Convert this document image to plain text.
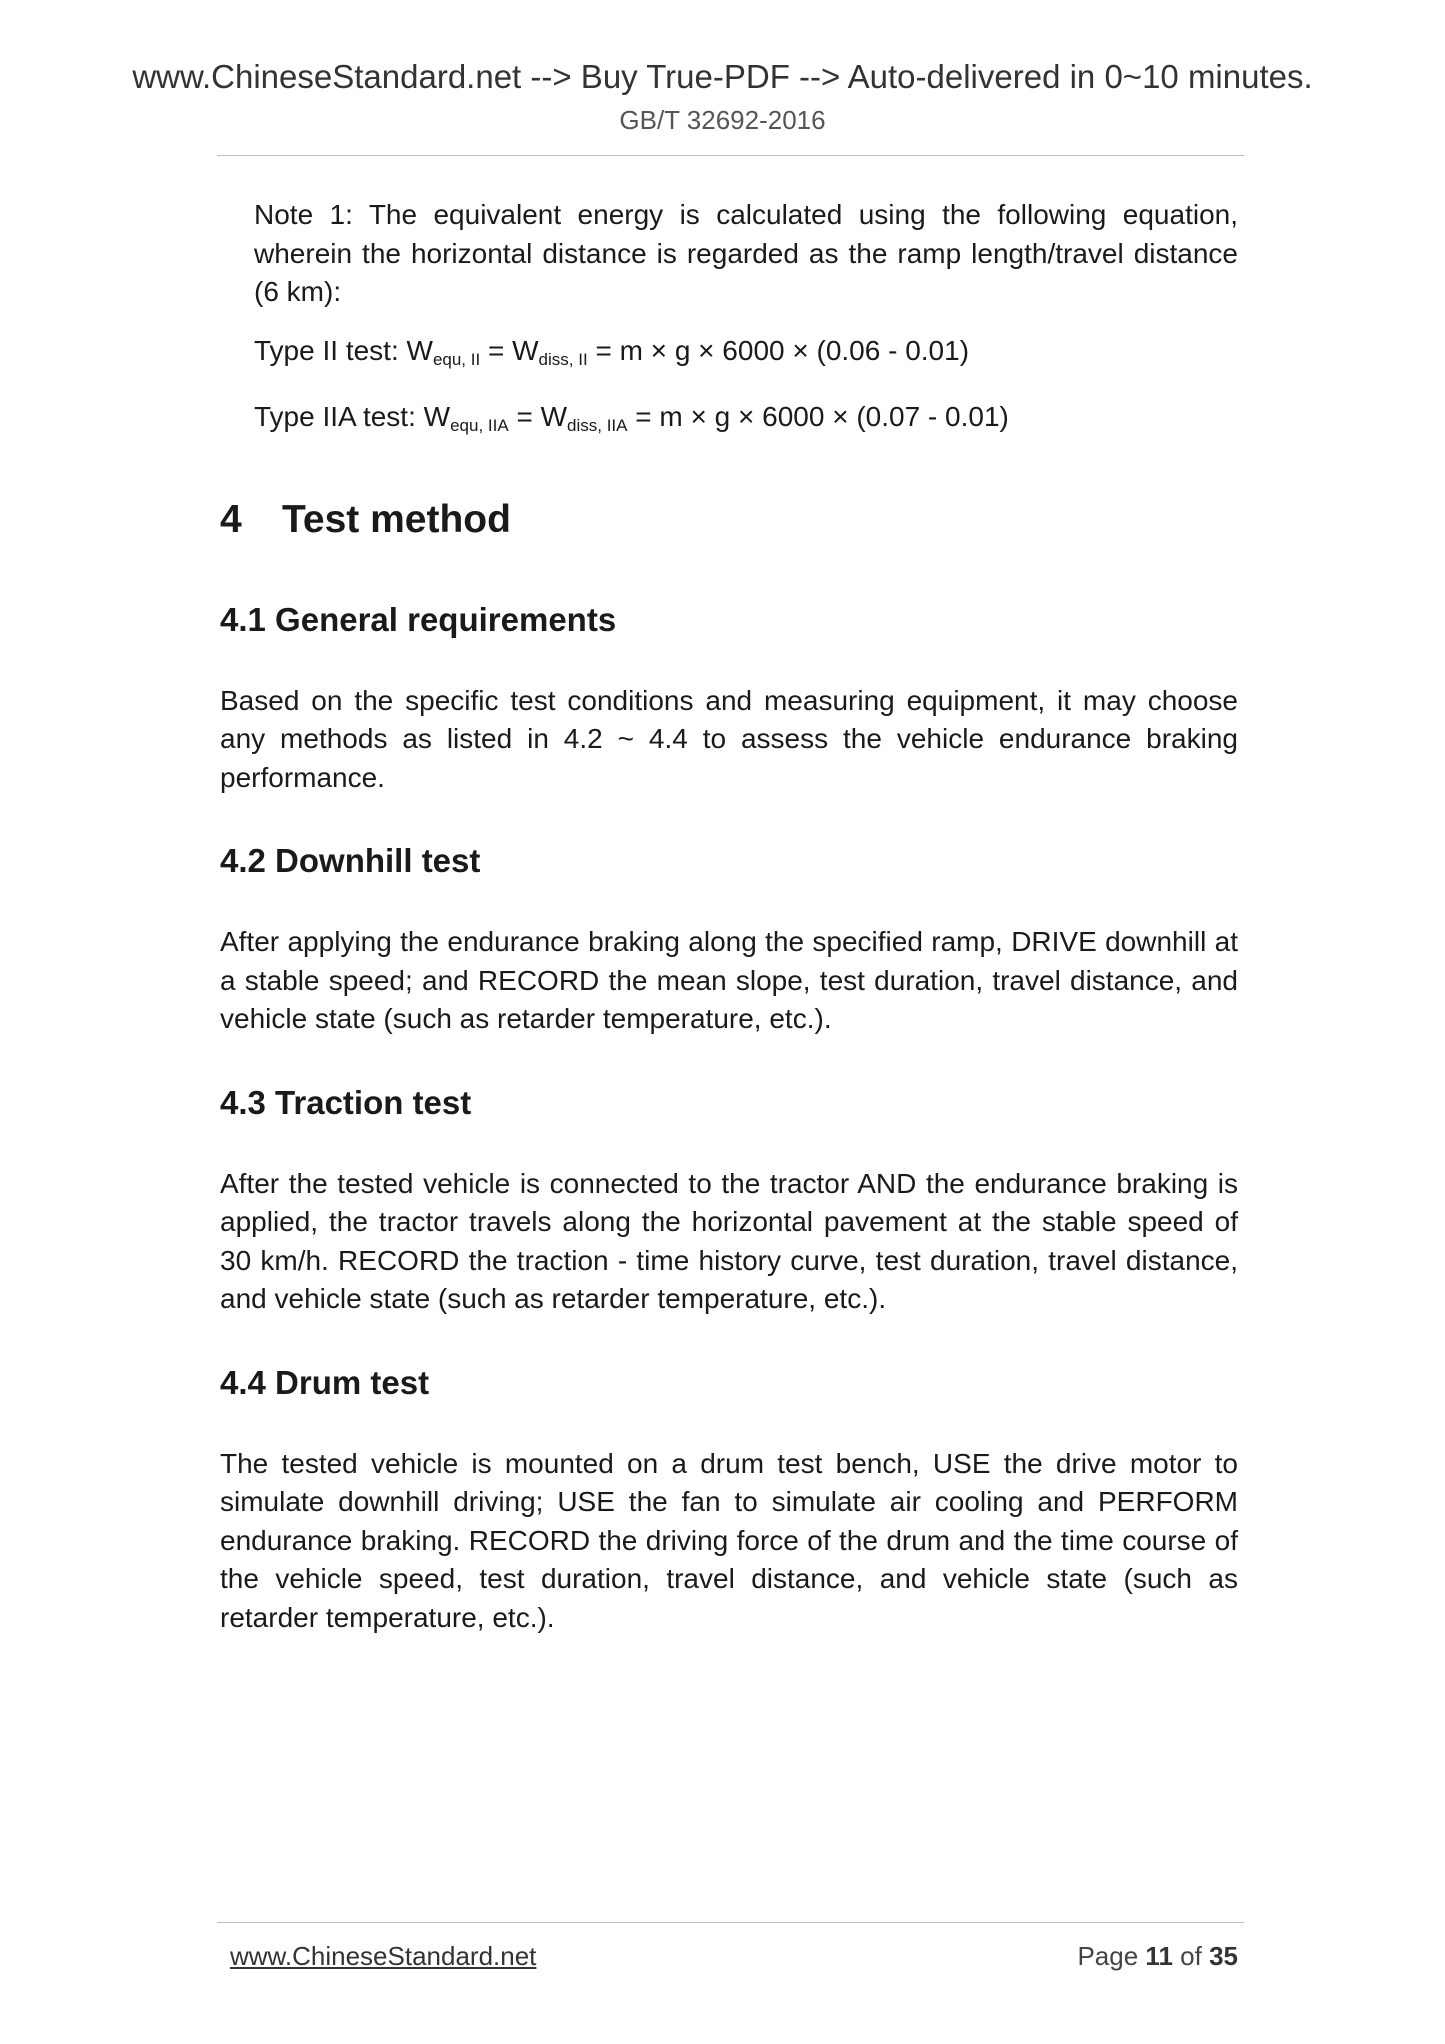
www.ChineseStandard.net --> Buy True-PDF --> Auto-delivered in 0~10 minutes.
GB/T 32692-2016

Note 1: The equivalent energy is calculated using the following equation, wherein the horizontal distance is regarded as the ramp length/travel distance (6 km):

Type II test: $W_{equ, II} = W_{diss, II} = m \times g \times 6000 \times (0.06 - 0.01)$

Type IIA test: $W_{equ, IIA} = W_{diss, IIA} = m \times g \times 6000 \times (0.07 - 0.01)$

4 Test method
4.1 General requirements

Based on the specific test conditions and measuring equipment, it may choose any methods as listed in 4.2 ~ 4.4 to assess the vehicle endurance braking performance.

4.2 Downhill test

After applying the endurance braking along the specified ramp, DRIVE downhill at a stable speed; and RECORD the mean slope, test duration, travel distance, and vehicle state (such as retarder temperature, etc.).

4.3 Traction test

After the tested vehicle is connected to the tractor AND the endurance braking is applied, the tractor travels along the horizontal pavement at the stable speed of 30 km/h. RECORD the traction - time history curve, test duration, travel distance, and vehicle state (such as retarder temperature, etc.).

4.4 Drum test

The tested vehicle is mounted on a drum test bench, USE the drive motor to simulate downhill driving; USE the fan to simulate air cooling and PERFORM endurance braking. RECORD the driving force of the drum and the time course of the vehicle speed, test duration, travel distance, and vehicle state (such as retarder temperature, etc.).

www.ChineseStandard.net	Page 11 of 35
